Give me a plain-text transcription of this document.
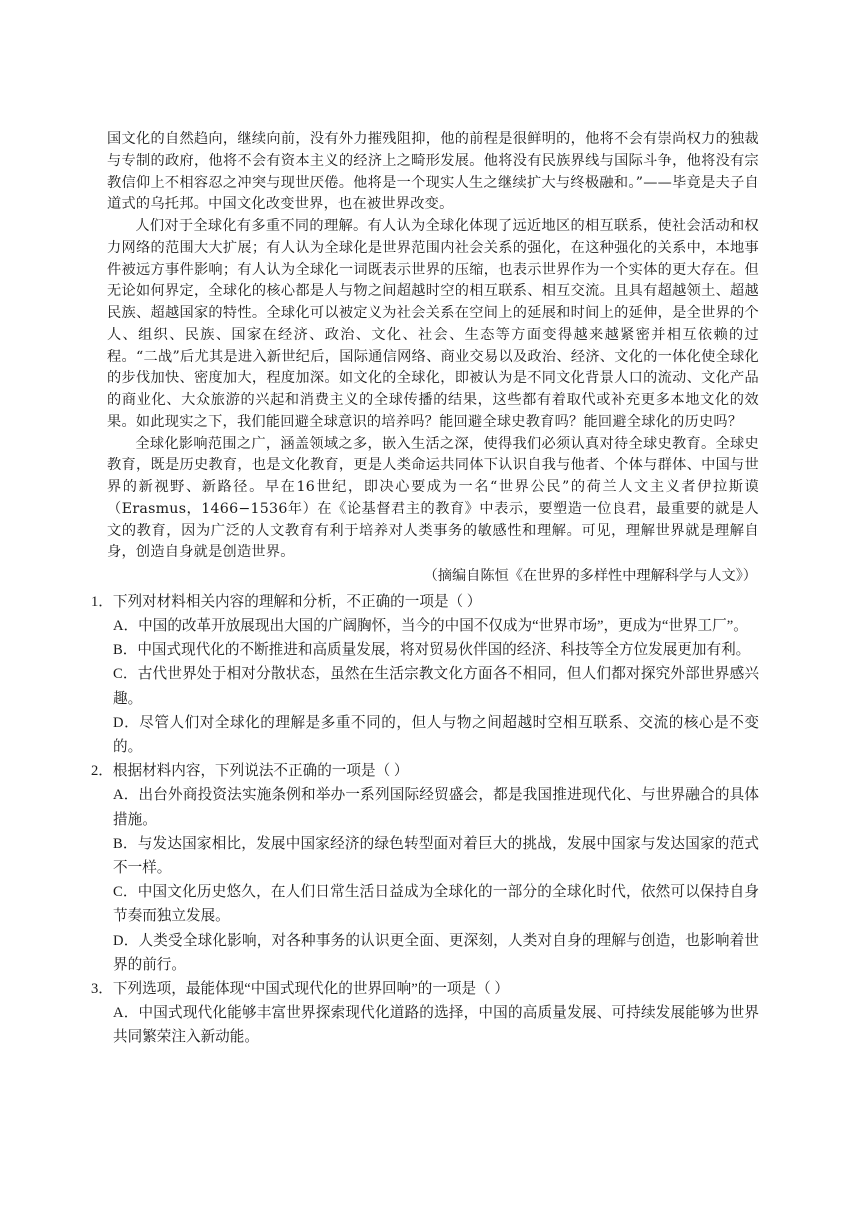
国文化的自然趋向，继续向前，没有外力摧残阻抑，他的前程是很鲜明的，他将不会有崇尚权力的独裁与专制的政府，他将不会有资本主义的经济上之畸形发展。他将没有民族界线与国际斗争，他将没有宗教信仰上不相容忍之冲突与现世厌倦。他将是一个现实人生之继续扩大与终极融和。”——毕竟是夫子自道式的乌托邦。中国文化改变世界，也在被世界改变。

人们对于全球化有多重不同的理解。有人认为全球化体现了远近地区的相互联系，使社会活动和权力网络的范围大大扩展；有人认为全球化是世界范围内社会关系的强化，在这种强化的关系中，本地事件被远方事件影响；有人认为全球化一词既表示世界的压缩，也表示世界作为一个实体的更大存在。但无论如何界定，全球化的核心都是人与物之间超越时空的相互联系、相互交流。且具有超越领土、超越民族、超越国家的特性。全球化可以被定义为社会关系在空间上的延展和时间上的延伸，是全世界的个人、组织、民族、国家在经济、政治、文化、社会、生态等方面变得越来越紧密并相互依赖的过程。“二战”后尤其是进入新世纪后，国际通信网络、商业交易以及政治、经济、文化的一体化使全球化的步伐加快、密度加大，程度加深。如文化的全球化，即被认为是不同文化背景人口的流动、文化产品的商业化、大众旅游的兴起和消费主义的全球传播的结果，这些都有着取代或补充更多本地文化的效果。如此现实之下，我们能回避全球意识的培养吗？能回避全球史教育吗？能回避全球化的历史吗？

全球化影响范围之广，涵盖领域之多，嵌入生活之深，使得我们必须认真对待全球史教育。全球史教育，既是历史教育，也是文化教育，更是人类命运共同体下认识自我与他者、个体与群体、中国与世界的新视野、新路径。早在16世纪，即决心要成为一名“世界公民”的荷兰人文主义者伊拉斯谟（Erasmus，1466−1536年）在《论基督君主的教育》中表示，要塑造一位良君，最重要的就是人文的教育，因为广泛的人文教育有利于培养对人类事务的敏感性和理解。可见，理解世界就是理解自身，创造自身就是创造世界。

（摘编自陈恒《在世界的多样性中理解科学与人文》）

1．下列对材料相关内容的理解和分析，不正确的一项是（ ）

A．中国的改革开放展现出大国的广阔胸怀，当今的中国不仅成为“世界市场”，更成为“世界工厂”。

B．中国式现代化的不断推进和高质量发展，将对贸易伙伴国的经济、科技等全方位发展更加有利。

C．古代世界处于相对分散状态，虽然在生活宗教文化方面各不相同，但人们都对探究外部世界感兴趣。

D．尽管人们对全球化的理解是多重不同的，但人与物之间超越时空相互联系、交流的核心是不变的。

2．根据材料内容，下列说法不正确的一项是（ ）

A．出台外商投资法实施条例和举办一系列国际经贸盛会，都是我国推进现代化、与世界融合的具体措施。

B．与发达国家相比，发展中国家经济的绿色转型面对着巨大的挑战，发展中国家与发达国家的范式不一样。

C．中国文化历史悠久，在人们日常生活日益成为全球化的一部分的全球化时代，依然可以保持自身节奏而独立发展。

D．人类受全球化影响，对各种事务的认识更全面、更深刻，人类对自身的理解与创造，也影响着世界的前行。

3．下列选项，最能体现“中国式现代化的世界回响”的一项是（ ）

A．中国式现代化能够丰富世界探索现代化道路的选择，中国的高质量发展、可持续发展能够为世界共同繁荣注入新动能。
